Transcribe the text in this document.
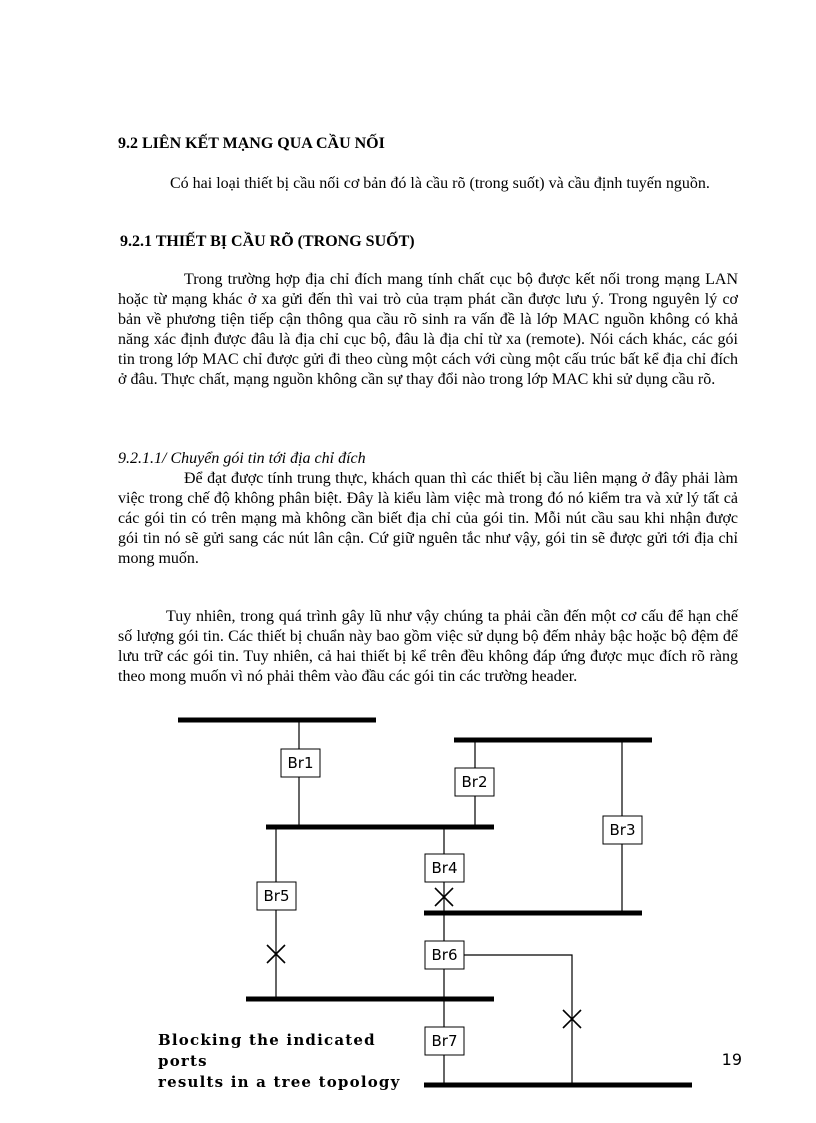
9.2 LIÊN KẾT MẠNG QUA CẦU NỐI

Có hai loại thiết bị cầu nối cơ bản đó là cầu rõ (trong suốt) và cầu định tuyến nguồn.

9.2.1 THIẾT BỊ CẦU RÕ (TRONG SUỐT)

Trong trường hợp địa chỉ đích mang tính chất cục bộ được kết nối trong mạng LAN hoặc từ mạng khác ở xa gửi đến thì vai trò của trạm phát cần được lưu ý. Trong nguyên lý cơ bản về phương tiện tiếp cận thông qua cầu rõ sinh ra vấn đề là lớp MAC nguồn không có khả năng xác định được đâu là địa chỉ cục bộ, đâu là địa chỉ từ xa (remote). Nói cách khác, các gói tin trong lớp MAC chỉ được gửi đi theo cùng một cách với cùng một cấu trúc bất kể địa chỉ đích ở đâu. Thực chất, mạng nguồn không cần sự thay đổi nào trong lớp MAC khi sử dụng cầu rõ.

9.2.1.1/ Chuyển gói tin tới địa chỉ đích

Để đạt được tính trung thực, khách quan thì các thiết bị cầu liên mạng ở đây phải làm việc trong chế độ không phân biệt. Đây là kiểu làm việc mà trong đó nó kiểm tra và xử lý tất cả các gói tin có trên mạng mà không cần biết địa chỉ của gói tin. Mỗi nút cầu sau khi nhận được gói tin nó sẽ gửi sang các nút lân cận. Cứ giữ nguên tắc như vậy, gói tin sẽ được gửi tới địa chỉ mong muốn.

Tuy nhiên, trong quá trình gây lũ như vậy chúng ta phải cần đến một cơ cấu để hạn chế số lượng gói tin. Các thiết bị chuẩn này bao gồm việc sử dụng bộ đếm nhảy bậc hoặc bộ đệm để lưu trữ các gói tin. Tuy nhiên, cả hai thiết bị kể trên đều không đáp ứng được mục đích rõ ràng theo mong muốn vì nó phải thêm vào đầu các gói tin các trường header.

Br1
Br2
Br3
Br4
Br5
Br6
Br7
Blocking the indicated
ports
results in a tree topology
19
